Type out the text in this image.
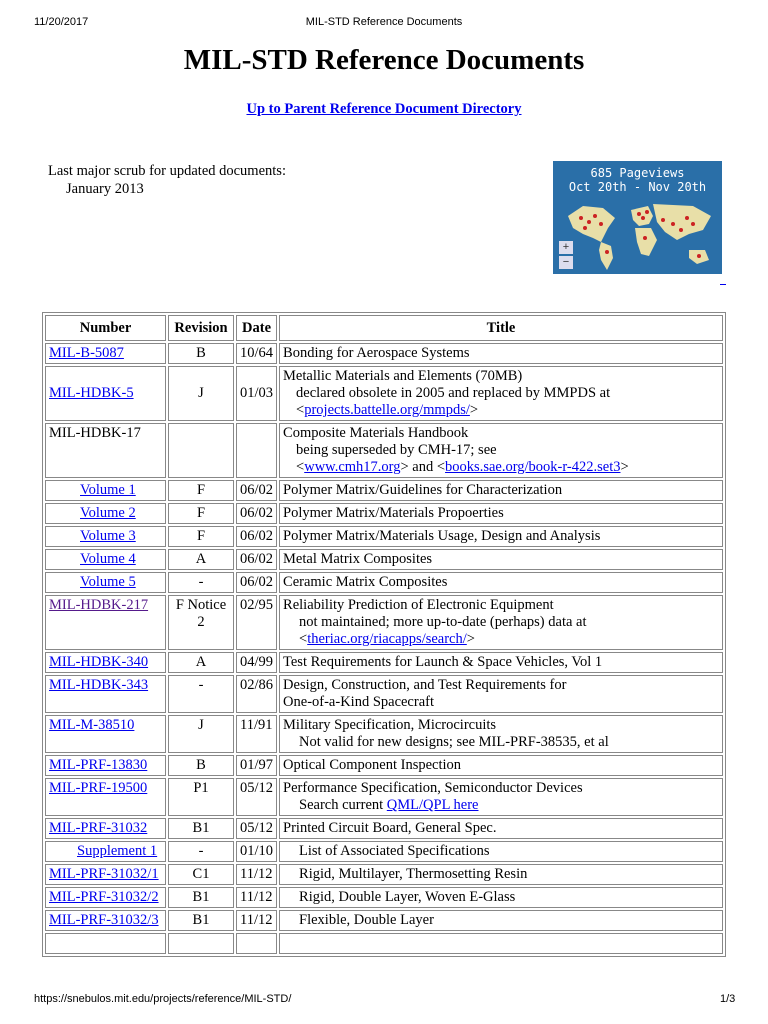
11/20/2017	MIL-STD Reference Documents
MIL-STD Reference Documents
Up to Parent Reference Document Directory
Last major scrub for updated documents:
January 2013
685 Pageviews
Oct 20th - Nov 20th
+
−
Number	Revision	Date	Title
MIL-B-5087	B	10/64	Bonding for Aerospace Systems
MIL-HDBK-5	J	01/03	Metallic Materials and Elements (70MB)
declared obsolete in 2005 and replaced by MMPDS at
<projects.battelle.org/mmpds/>

MIL-HDBK-17			Composite Materials Handbook
being superseded by CMH-17; see
<www.cmh17.org> and <books.sae.org/book-r-422.set3>

Volume 1	F	06/02	Polymer Matrix/Guidelines for Characterization
Volume 2	F	06/02	Polymer Matrix/Materials Propoerties
Volume 3	F	06/02	Polymer Matrix/Materials Usage, Design and Analysis
Volume 4	A	06/02	Metal Matrix Composites
Volume 5	-	06/02	Ceramic Matrix Composites
MIL-HDBK-217	F Notice 2	02/95	Reliability Prediction of Electronic Equipment
not maintained; more up-to-date (perhaps) data at
<theriac.org/riacapps/search/>

MIL-HDBK-340	A	04/99	Test Requirements for Launch & Space Vehicles, Vol 1
MIL-HDBK-343	-	02/86	Design, Construction, and Test Requirements for
One-of-a-Kind Spacecraft

MIL-M-38510	J	11/91	Military Specification, Microcircuits
Not valid for new designs; see MIL-PRF-38535, et al

MIL-PRF-13830	B	01/97	Optical Component Inspection
MIL-PRF-19500	P1	05/12	Performance Specification, Semiconductor Devices
Search current QML/QPL here

MIL-PRF-31032	B1	05/12	Printed Circuit Board, General Spec.
Supplement 1	-	01/10	List of Associated Specifications

MIL-PRF-31032/1	C1	11/12	Rigid, Multilayer, Thermosetting Resin

MIL-PRF-31032/2	B1	11/12	Rigid, Double Layer, Woven E-Glass

MIL-PRF-31032/3	B1	11/12	Flexible, Double Layer

https://snebulos.mit.edu/projects/reference/MIL-STD/	1/3
